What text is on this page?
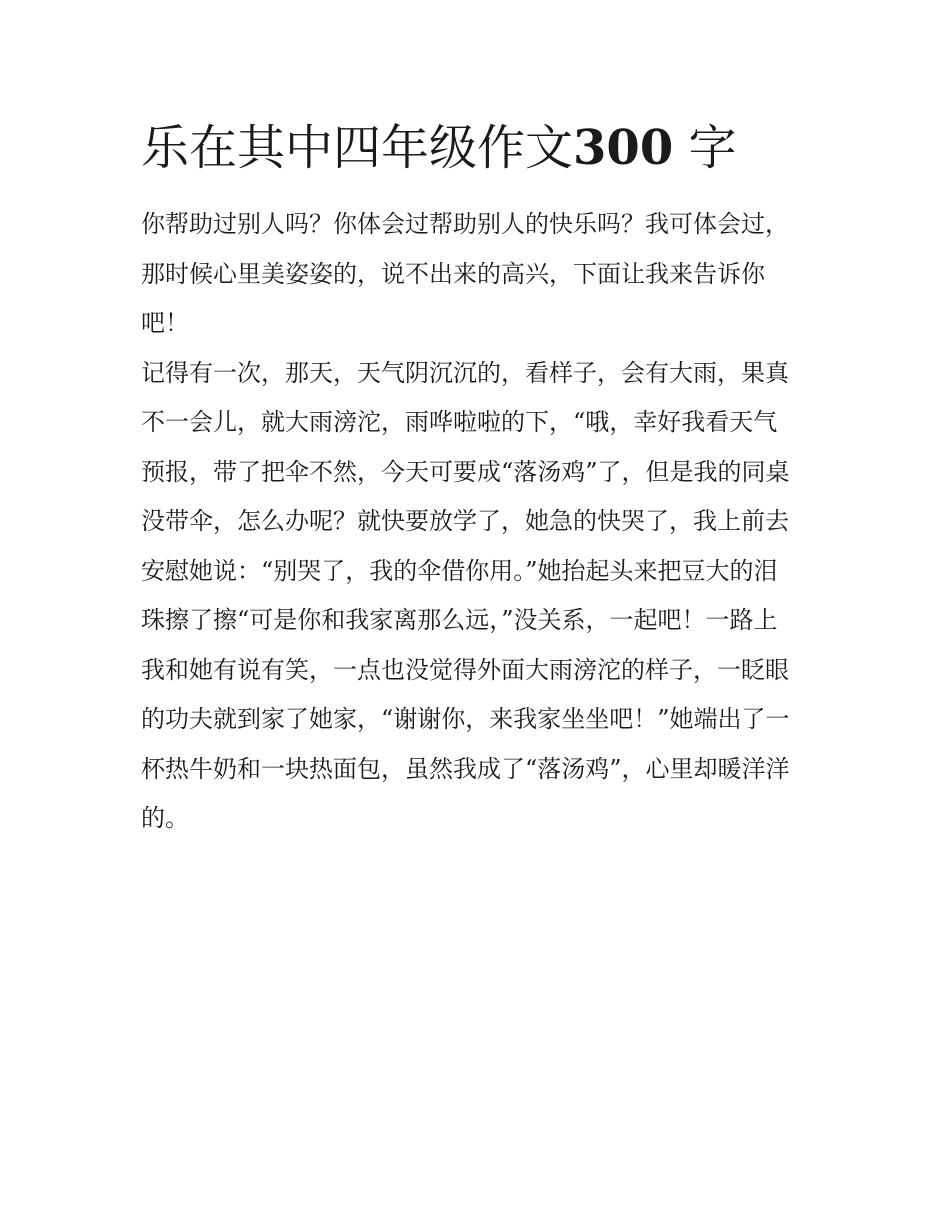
乐在其中四年级作文300 字

你帮助过别人吗？你体会过帮助别人的快乐吗？我可体会过，

那时候心里美姿姿的，说不出来的高兴，下面让我来告诉你

吧！

记得有一次，那天，天气阴沉沉的，看样子，会有大雨，果真

不一会儿，就大雨滂沱，雨哗啦啦的下，“哦，幸好我看天气

预报，带了把伞不然，今天可要成“落汤鸡”了，但是我的同桌

没带伞，怎么办呢？就快要放学了，她急的快哭了，我上前去

安慰她说：“别哭了，我的伞借你用。”她抬起头来把豆大的泪

珠擦了擦“可是你和我家离那么远，”没关系，一起吧！一路上

我和她有说有笑，一点也没觉得外面大雨滂沱的样子，一眨眼

的功夫就到家了她家，“谢谢你，来我家坐坐吧！”她端出了一

杯热牛奶和一块热面包，虽然我成了“落汤鸡”，心里却暖洋洋

的。
